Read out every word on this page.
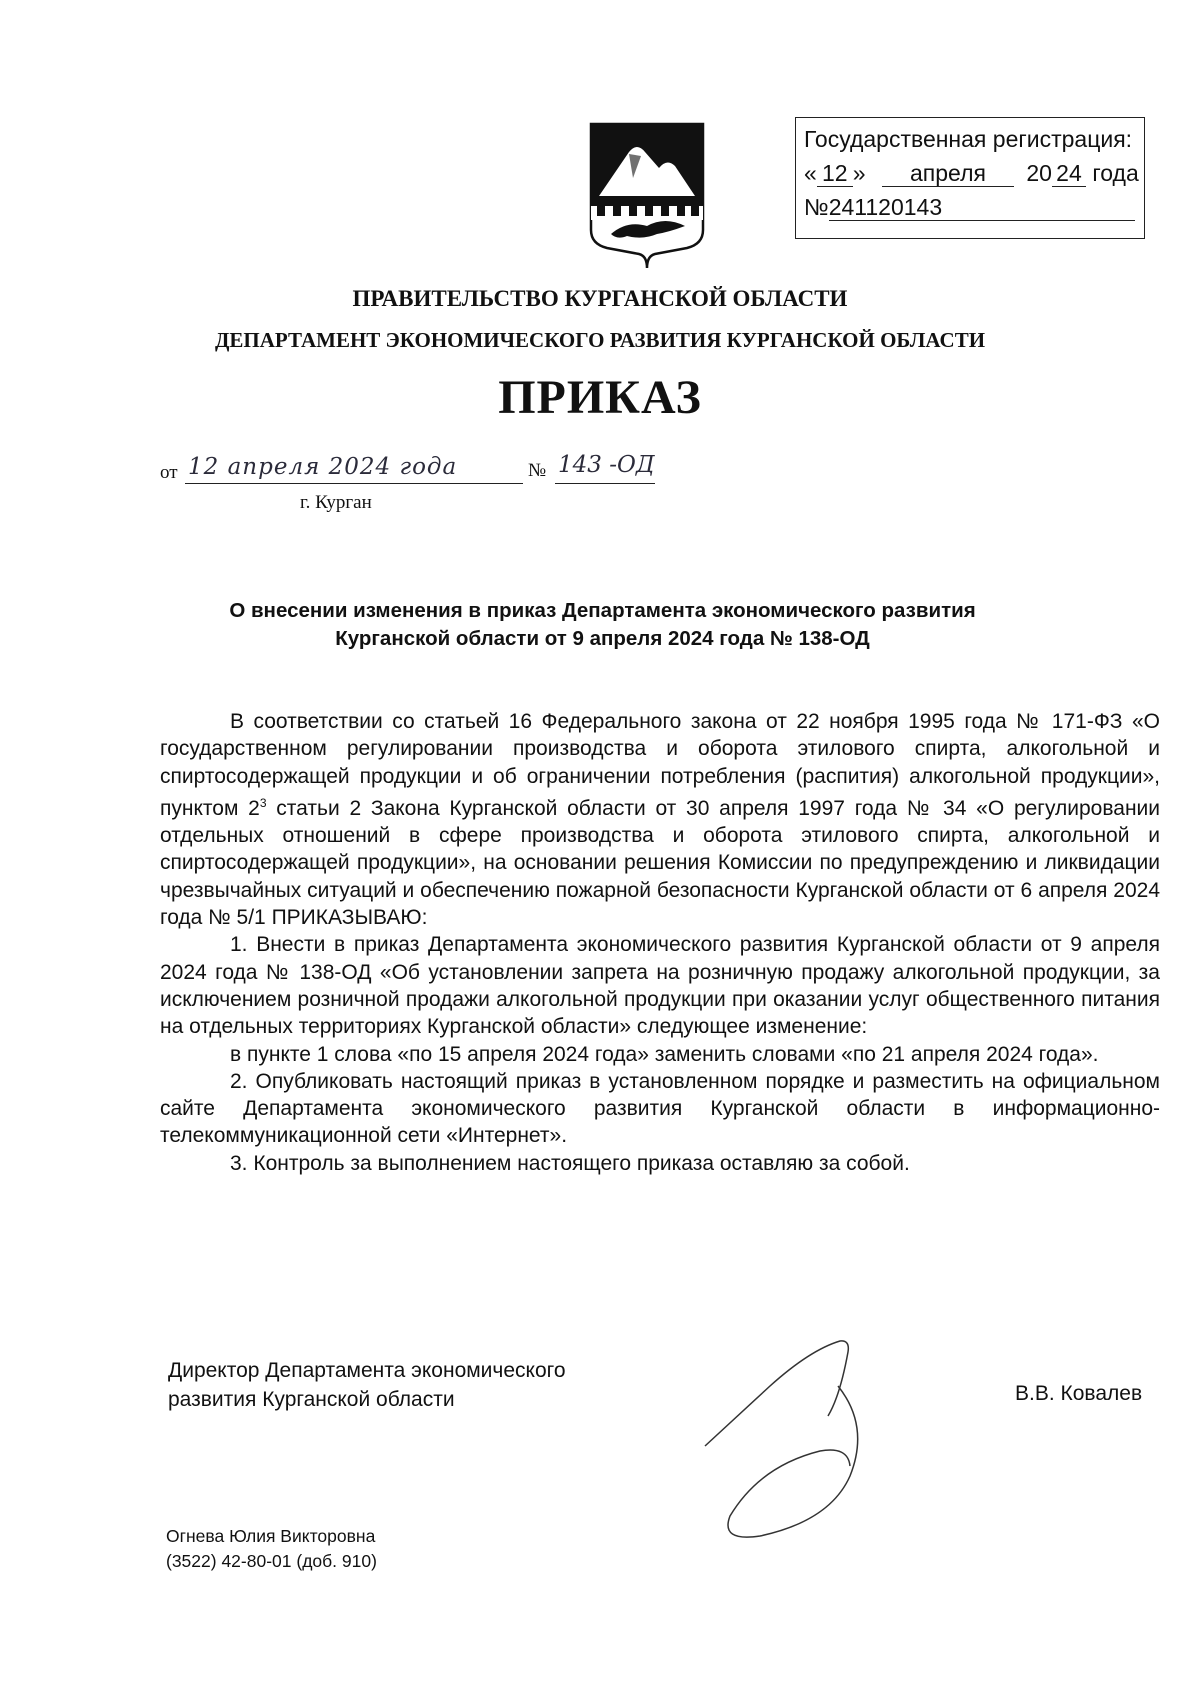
Государственная регистрация:
« 12 » апреля 20 24 года
№241120143
ПРАВИТЕЛЬСТВО КУРГАНСКОЙ ОБЛАСТИ
ДЕПАРТАМЕНТ ЭКОНОМИЧЕСКОГО РАЗВИТИЯ КУРГАНСКОЙ ОБЛАСТИ
ПРИКАЗ
от 12 апреля 2024 года	№ 143 -ОД
г. Курган
О внесении изменения в приказ Департамента экономического развития
Курганской области от 9 апреля 2024 года № 138-ОД

В соответствии со статьей 16 Федерального закона от 22 ноября 1995 года № 171-ФЗ «О государственном регулировании производства и оборота этилового спирта, алкогольной и спиртосодержащей продукции и об ограничении потребления (распития) алкогольной продукции», пунктом $2^3$ статьи 2 Закона Курганской области от 30 апреля 1997 года № 34 «О регулировании отдельных отношений в сфере производства и оборота этилового спирта, алкогольной и спиртосодержащей продукции», на основании решения Комиссии по предупреждению и ликвидации чрезвычайных ситуаций и обеспечению пожарной безопасности Курганской области от 6 апреля 2024 года № 5/1 ПРИКАЗЫВАЮ:

1. Внести в приказ Департамента экономического развития Курганской области от 9 апреля 2024 года № 138-ОД «Об установлении запрета на розничную продажу алкогольной продукции, за исключением розничной продажи алкогольной продукции при оказании услуг общественного питания на отдельных территориях Курганской области» следующее изменение:

в пункте 1 слова «по 15 апреля 2024 года» заменить словами «по 21 апреля 2024 года».

2. Опубликовать настоящий приказ в установленном порядке и разместить на официальном сайте Департамента экономического развития Курганской области в информационно-телекоммуникационной сети «Интернет».

3. Контроль за выполнением настоящего приказа оставляю за собой.

Директор Департамента экономического
развития Курганской области	В.В. Ковалев
Огнева Юлия Викторовна
(3522) 42-80-01 (доб. 910)
